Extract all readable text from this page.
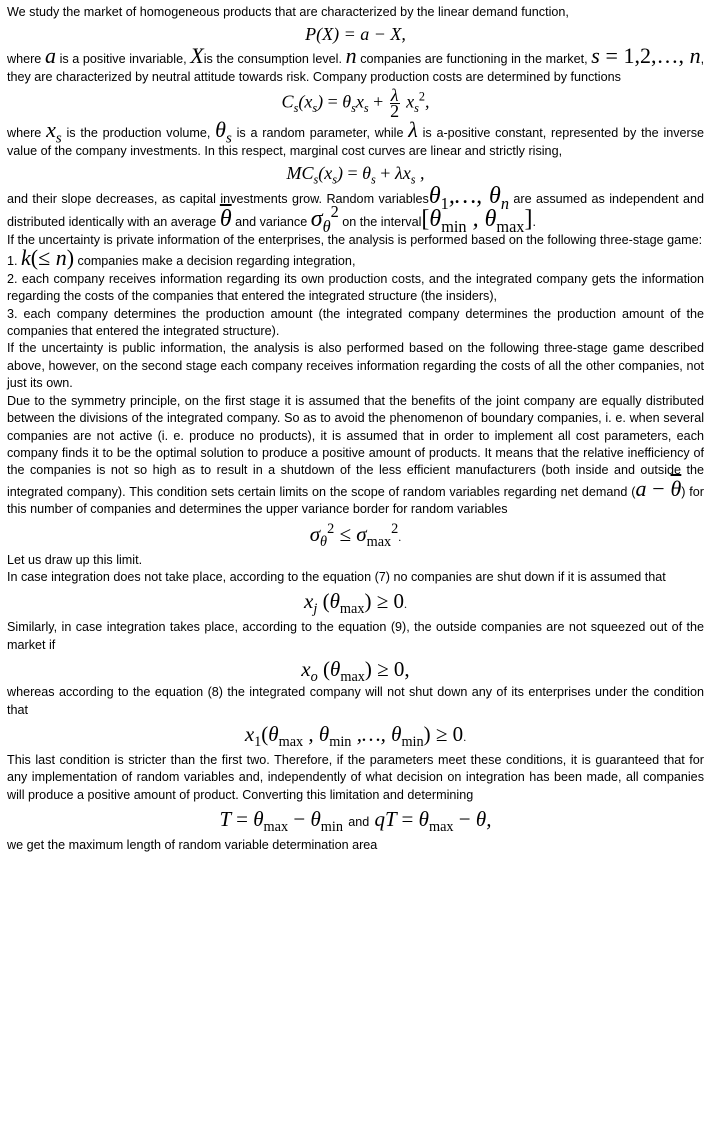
We study the market of homogeneous products that are characterized by the linear demand function,

P(X) = a − X,

where a is a positive invariable, Xis the consumption level. n companies are functioning in the market, s = 1,2,…, n, they are characterized by neutral attitude towards risk. Company production costs are determined by functions

$C_s(x_s) = \theta_sx_s + \frac{\lambda}{2} x_s^2$,

where $x_s$ is the production volume, $\theta_s$ is a random parameter, while λ is a-positive constant, represented by the inverse value of the company investments. In this respect, marginal cost curves are linear and strictly rising,

$MC_s(x_s) = \theta_s + \lambda x_s$ ,

and their slope decreases, as capital investments grow. Random variablesθ$_1$,…, $\theta_n$ are assumed as independent and distributed identically with an average $\overline{\theta}$ and variance $\sigma_\theta^2$ on the $interval[\theta_{min}$ , $\theta_{max}$].

If the uncertainty is private information of the enterprises, the analysis is performed based on the following three-stage game:

1. k(≤ n) companies make a decision regarding integration,

2. each company receives information regarding its own production costs, and the integrated company gets the information regarding the costs of the companies that entered the integrated structure (the insiders),

3. each company determines the production amount (the integrated company determines the production amount of the companies that entered the integrated structure).

If the uncertainty is public information, the analysis is also performed based on the following three-stage game described above, however, on the second stage each company receives information regarding the costs of all the other companies, not just its own.

Due to the symmetry principle, on the first stage it is assumed that the benefits of the joint company are equally distributed between the divisions of the integrated company. So as to avoid the phenomenon of boundary companies, i. e. when several companies are not active (i. e. produce no products), it is assumed that in order to implement all cost parameters, each company finds it to be the optimal solution to produce a positive amount of products. It means that the relative inefficiency of the companies is not so high as to result in a shutdown of the less efficient manufacturers (both inside and outside the integrated company). This condition sets certain limits on the scope of random variables regarding net demand $(a - \overline{\theta})$ for this number of companies and determines the upper variance border for random variables

$\sigma_\theta^2 \le \sigma_{max}^2$.

Let us draw up this limit.

In case integration does not take place, according to the equation (7) no companies are shut down if it is assumed that

$x_j$ $(\theta_{max}) \ge 0$.

Similarly, in case integration takes place, according to the equation (9), the outside companies are not squeezed out of the market if

$x_o$ $(\theta_{max}) \ge 0$,

whereas according to the equation (8) the integrated company will not shut down any of its enterprises under the condition that

$x_1(\theta_{max}$ , $\theta_{min}$ ,…, $\theta_{min}) \ge 0$.

This last condition is stricter than the first two. Therefore, if the parameters meet these conditions, it is guaranteed that for any implementation of random variables and, independently of what decision on integration has been made, all companies will produce a positive amount of product. Converting this limitation and determining

$T = \theta_{max} - \theta_{min}$ and qT = $\theta_{max} - \theta$,

we get the maximum length of random variable determination area
